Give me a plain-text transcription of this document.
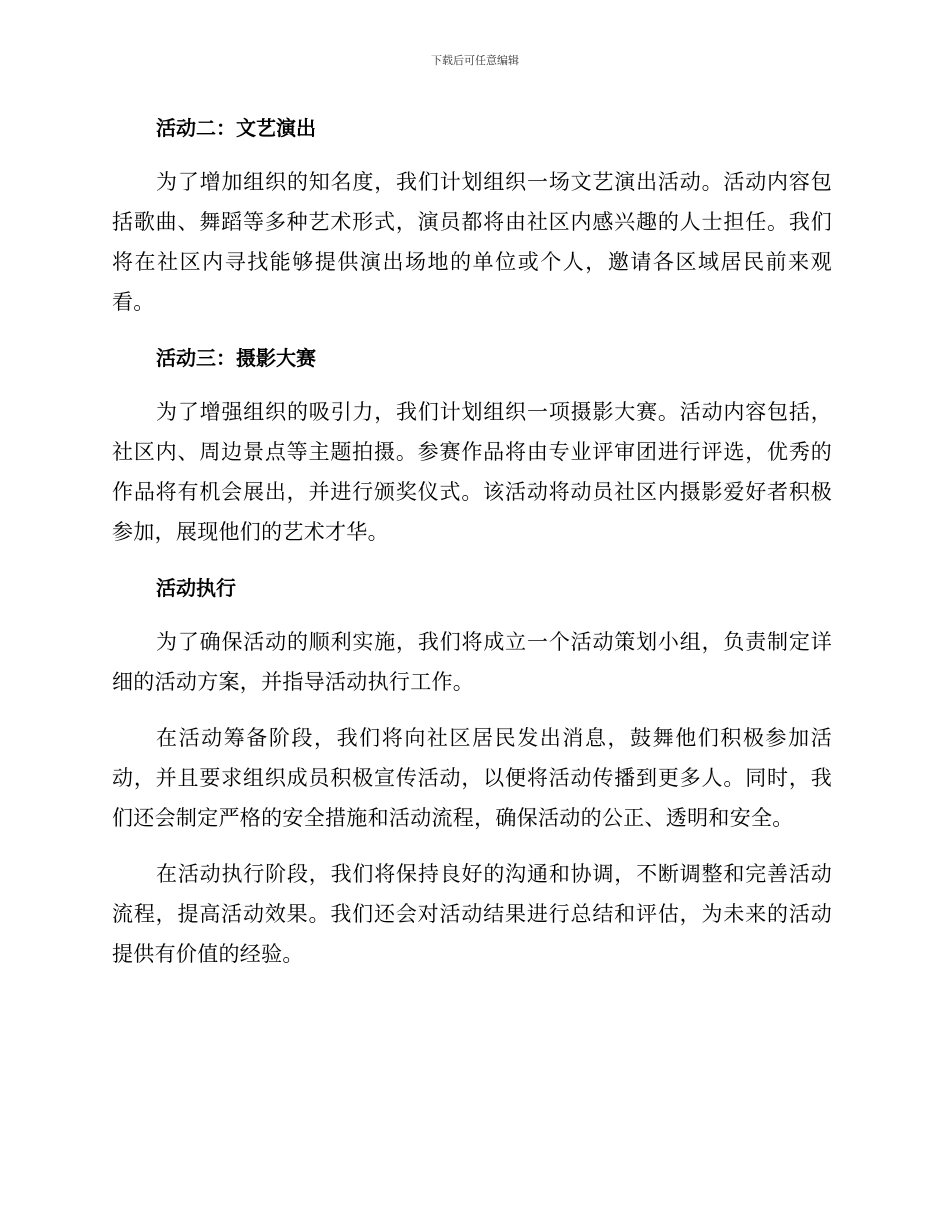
下载后可任意编辑
活动二：文艺演出

为了增加组织的知名度，我们计划组织一场文艺演出活动。活动内容包括歌曲、舞蹈等多种艺术形式，演员都将由社区内感兴趣的人士担任。我们将在社区内寻找能够提供演出场地的单位或个人，邀请各区域居民前来观看。

活动三：摄影大赛

为了增强组织的吸引力，我们计划组织一项摄影大赛。活动内容包括，社区内、周边景点等主题拍摄。参赛作品将由专业评审团进行评选，优秀的作品将有机会展出，并进行颁奖仪式。该活动将动员社区内摄影爱好者积极参加，展现他们的艺术才华。

活动执行

为了确保活动的顺利实施，我们将成立一个活动策划小组，负责制定详细的活动方案，并指导活动执行工作。

在活动筹备阶段，我们将向社区居民发出消息，鼓舞他们积极参加活动，并且要求组织成员积极宣传活动，以便将活动传播到更多人。同时，我们还会制定严格的安全措施和活动流程，确保活动的公正、透明和安全。

在活动执行阶段，我们将保持良好的沟通和协调，不断调整和完善活动流程，提高活动效果。我们还会对活动结果进行总结和评估，为未来的活动提供有价值的经验。
